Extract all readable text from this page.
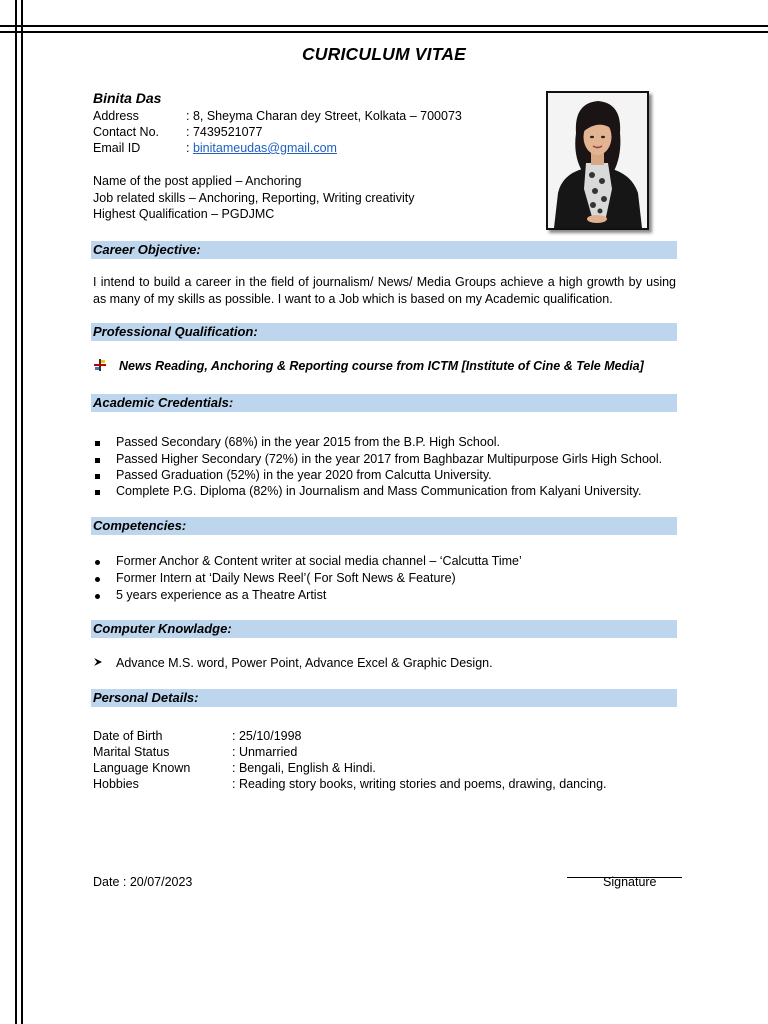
CURICULUM VITAE
Binita Das
Address	: 8, Sheyma Charan dey Street, Kolkata – 700073
Contact No. : 7439521077
Email ID	: binitameudas@gmail.com
Name of the post applied – Anchoring
Job related skills – Anchoring, Reporting, Writing creativity
Highest Qualification – PGDJMC
Career Objective:
I intend to build a career in the field of journalism/ News/ Media Groups achieve a high growth by using as many of my skills as possible. I want to a Job which is based on my Academic qualification.
Professional Qualification:
News Reading, Anchoring & Reporting course from ICTM [Institute of Cine & Tele Media]
Academic Credentials:
Passed Secondary (68%) in the year 2015 from the B.P. High School.
Passed Higher Secondary (72%) in the year 2017 from Baghbazar Multipurpose Girls High School.
Passed Graduation (52%) in the year 2020 from Calcutta University.
Complete P.G. Diploma (82%) in Journalism and Mass Communication from Kalyani University.
Competencies:
Former Anchor & Content writer at social media channel – ‘Calcutta Time’
Former Intern at ‘Daily News Reel’( For Soft News & Feature)
5 years experience as a Theatre Artist
Computer Knowladge:
Advance M.S. word, Power Point, Advance Excel & Graphic Design.
Personal Details:
Date of Birth	: 25/10/1998
Marital Status	: Unmarried
Language Known	: Bengali, English & Hindi.
Hobbies	: Reading story books, writing stories and poems, drawing, dancing.
Date : 20/07/2023	Signature
